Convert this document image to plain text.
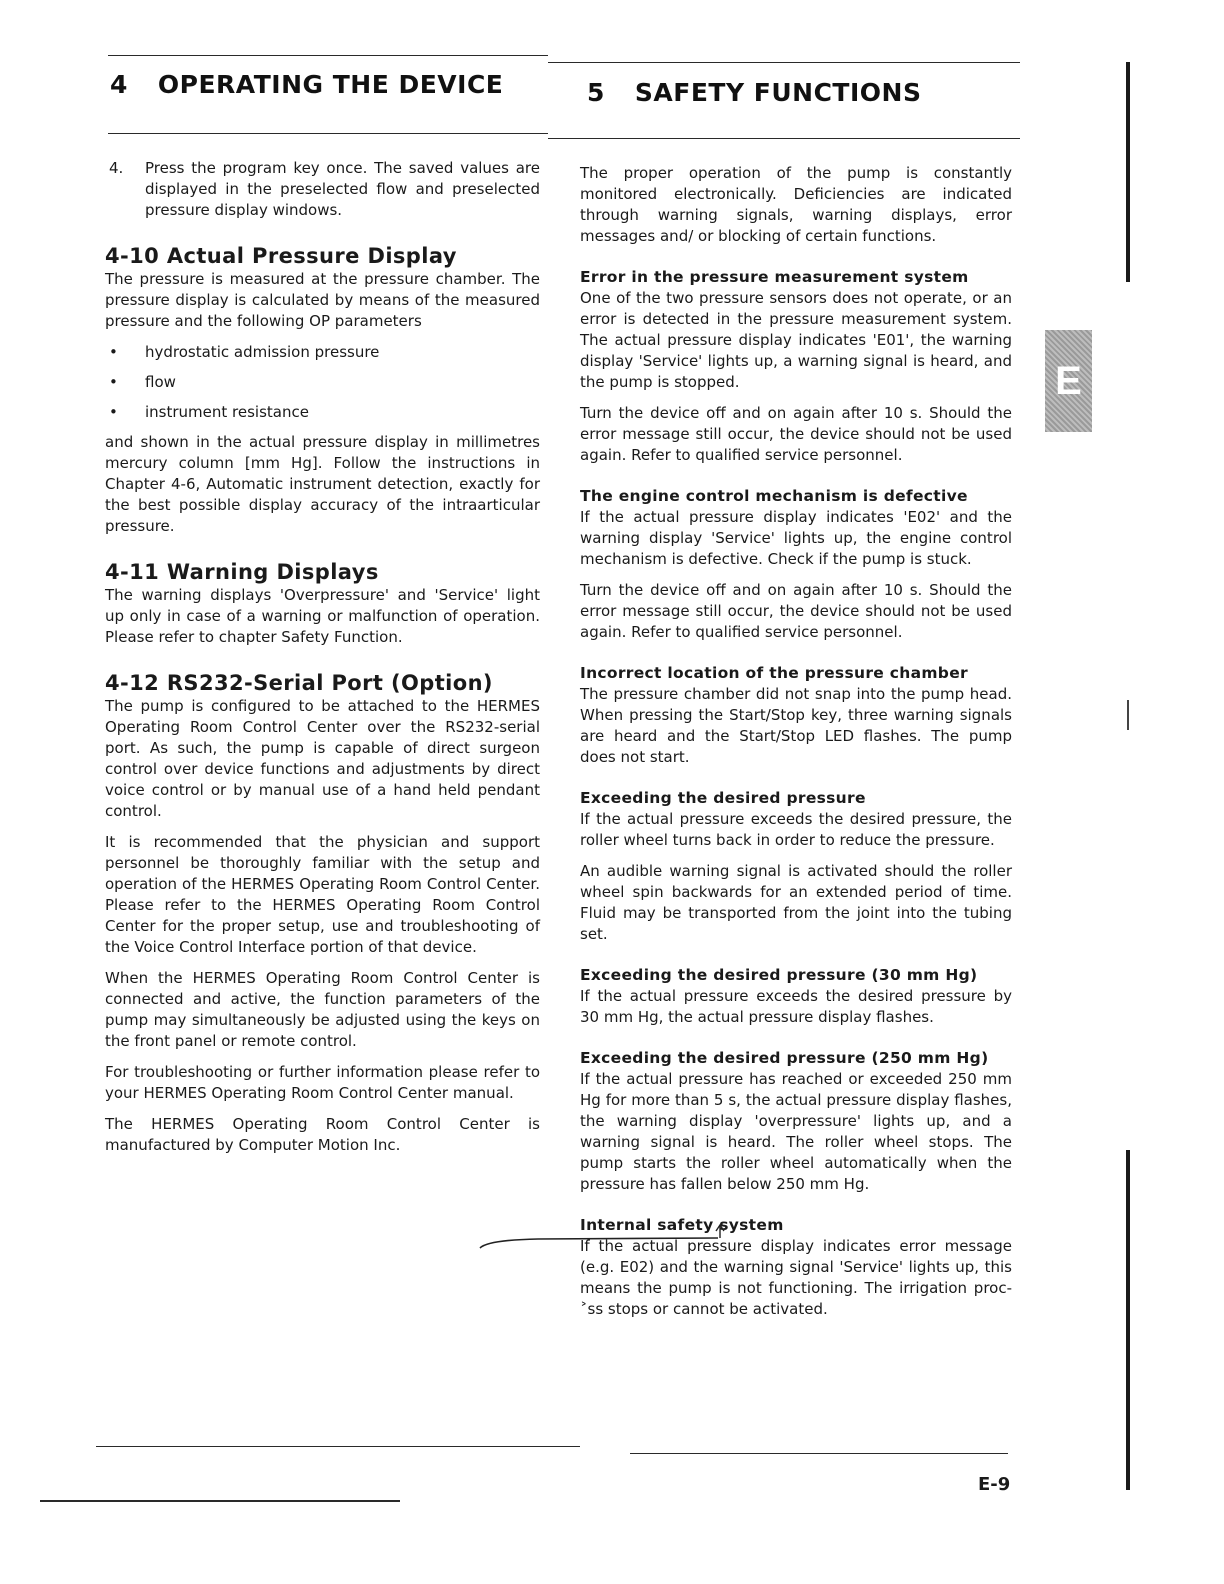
4 OPERATING THE DEVICE	5 SAFETY FUNCTIONS

4. Press the program key once. The saved values are displayed in the preselected flow and preselected pressure display windows.

4-10 Actual Pressure Display

The pressure is measured at the pressure chamber. The pressure display is calculated by means of the measured pressure and the following OP parameters

• hydrostatic admission pressure
• flow
• instrument resistance

and shown in the actual pressure display in millimetres mercury column [mm Hg]. Follow the instructions in Chapter 4-6, Automatic instrument detection, exactly for the best possible display accuracy of the intraarticular pressure.

4-11 Warning Displays

The warning displays 'Overpressure' and 'Service' light up only in case of a warning or malfunction of operation. Please refer to chapter Safety Function.

4-12 RS232-Serial Port (Option)

The pump is configured to be attached to the HERMES Operating Room Control Center over the RS232-serial port. As such, the pump is capable of direct surgeon control over device functions and adjustments by direct voice control or by manual use of a hand held pendant control.

It is recommended that the physician and support personnel be thoroughly familiar with the setup and operation of the HERMES Operating Room Control Center. Please refer to the HERMES Operating Room Control Center for the proper setup, use and troubleshooting of the Voice Control Interface portion of that device.

When the HERMES Operating Room Control Center is connected and active, the function parameters of the pump may simultaneously be adjusted using the keys on the front panel or remote control.

For troubleshooting or further information please refer to your HERMES Operating Room Control Center manual.

The HERMES Operating Room Control Center is manufactured by Computer Motion Inc.

The proper operation of the pump is constantly monitored electronically. Deficiencies are indicated through warning signals, warning displays, error messages and/ or blocking of certain functions.

Error in the pressure measurement system

One of the two pressure sensors does not operate, or an error is detected in the pressure measurement system. The actual pressure display indicates 'E01', the warning display 'Service' lights up, a warning signal is heard, and the pump is stopped.

Turn the device off and on again after 10 s. Should the error message still occur, the device should not be used again. Refer to qualified service personnel.

The engine control mechanism is defective

If the actual pressure display indicates 'E02' and the warning display 'Service' lights up, the engine control mechanism is defective. Check if the pump is stuck.

Turn the device off and on again after 10 s. Should the error message still occur, the device should not be used again. Refer to qualified service personnel.

Incorrect location of the pressure chamber

The pressure chamber did not snap into the pump head. When pressing the Start/Stop key, three warning signals are heard and the Start/Stop LED flashes. The pump does not start.

Exceeding the desired pressure

If the actual pressure exceeds the desired pressure, the roller wheel turns back in order to reduce the pressure.

An audible warning signal is activated should the roller wheel spin backwards for an extended period of time. Fluid may be transported from the joint into the tubing set.

Exceeding the desired pressure (30 mm Hg)

If the actual pressure exceeds the desired pressure by 30 mm Hg, the actual pressure display flashes.

Exceeding the desired pressure (250 mm Hg)

If the actual pressure has reached or exceeded 250 mm Hg for more than 5 s, the actual pressure display flashes, the warning display 'overpressure' lights up, and a warning signal is heard. The roller wheel stops. The pump starts the roller wheel automatically when the pressure has fallen below 250 mm Hg.

Internal safety system

If the actual pressure display indicates error message (e.g. E02) and the warning signal 'Service' lights up, this means the pump is not functioning. The irrigation proc-˃ss stops or cannot be activated.

E
E-9
